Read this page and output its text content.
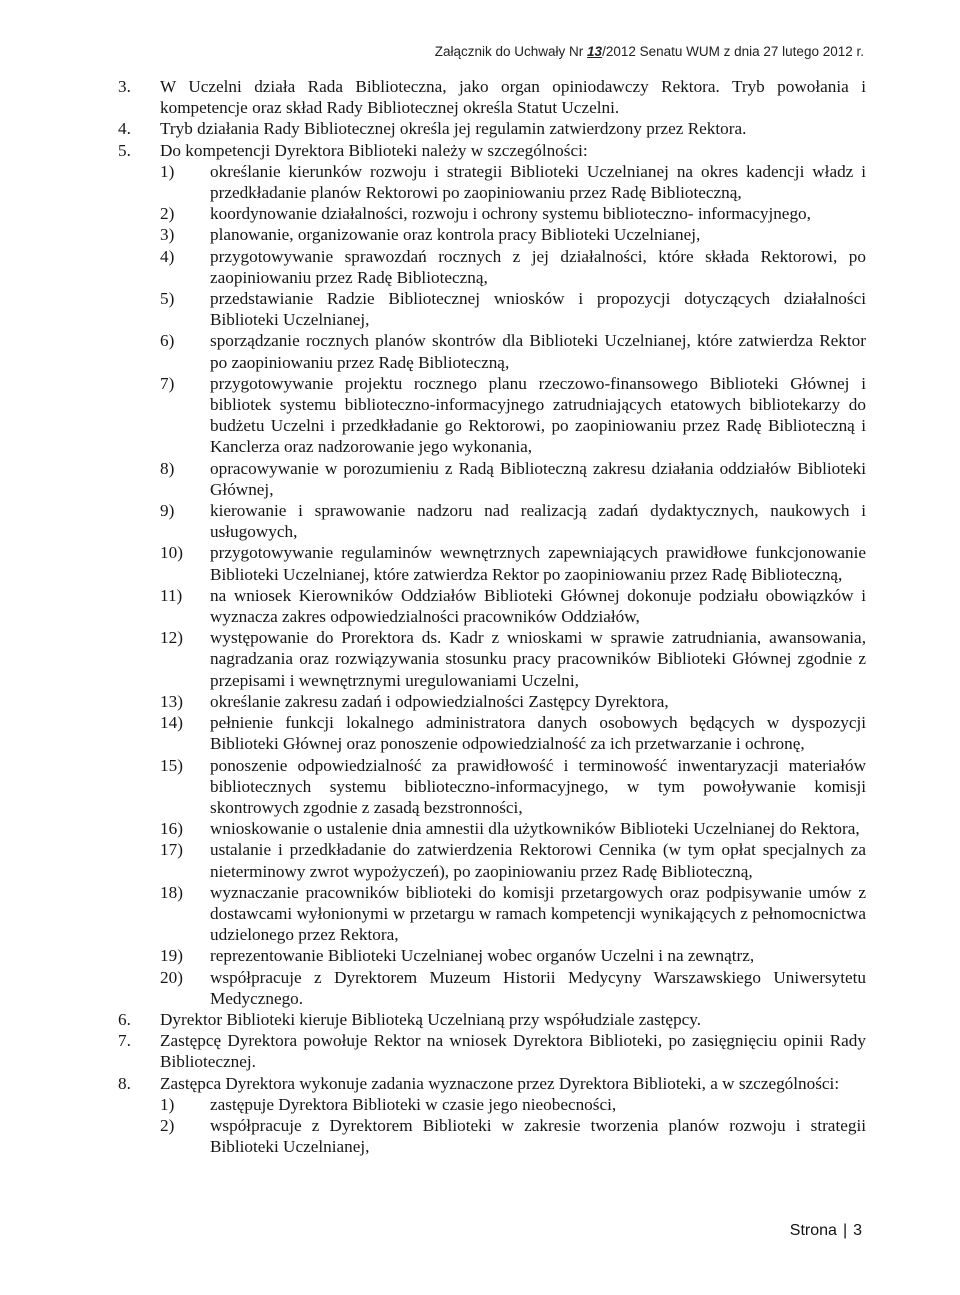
Załącznik do Uchwały Nr 13/2012 Senatu WUM z dnia 27 lutego 2012 r.
3. W Uczelni działa Rada Biblioteczna, jako organ opiniodawczy Rektora. Tryb powołania i kompetencje oraz skład Rady Bibliotecznej określa Statut Uczelni.
4. Tryb działania Rady Bibliotecznej określa jej regulamin zatwierdzony przez Rektora.
5. Do kompetencji Dyrektora Biblioteki należy w szczególności:
1) określanie kierunków rozwoju i strategii Biblioteki Uczelnianej na okres kadencji władz i przedkładanie planów Rektorowi po zaopiniowaniu przez Radę Biblioteczną,
2) koordynowanie działalności, rozwoju i ochrony systemu biblioteczno- informacyjnego,
3) planowanie, organizowanie oraz kontrola pracy Biblioteki Uczelnianej,
4) przygotowywanie sprawozdań rocznych z jej działalności, które składa Rektorowi, po zaopiniowaniu przez Radę Biblioteczną,
5) przedstawianie Radzie Bibliotecznej wniosków i propozycji dotyczących działalności Biblioteki Uczelnianej,
6) sporządzanie rocznych planów skontrów dla Biblioteki Uczelnianej, które zatwierdza Rektor po zaopiniowaniu przez Radę Biblioteczną,
7) przygotowywanie projektu rocznego planu rzeczowo-finansowego Biblioteki Głównej i bibliotek systemu biblioteczno-informacyjnego zatrudniających etatowych bibliotekarzy do budżetu Uczelni i przedkładanie go Rektorowi, po zaopiniowaniu przez Radę Biblioteczną i Kanclerza oraz nadzorowanie jego wykonania,
8) opracowywanie w porozumieniu z Radą Biblioteczną zakresu działania oddziałów Biblioteki Głównej,
9) kierowanie i sprawowanie nadzoru nad realizacją zadań dydaktycznych, naukowych i usługowych,
10) przygotowywanie regulaminów wewnętrznych zapewniających prawidłowe funkcjonowanie Biblioteki Uczelnianej, które zatwierdza Rektor po zaopiniowaniu przez Radę Biblioteczną,
11) na wniosek Kierowników Oddziałów Biblioteki Głównej dokonuje podziału obowiązków i wyznacza zakres odpowiedzialności pracowników Oddziałów,
12) występowanie do Prorektora ds. Kadr z wnioskami w sprawie zatrudniania, awansowania, nagradzania oraz rozwiązywania stosunku pracy pracowników Biblioteki Głównej zgodnie z przepisami i wewnętrznymi uregulowaniami Uczelni,
13) określanie zakresu zadań i odpowiedzialności Zastępcy Dyrektora,
14) pełnienie funkcji lokalnego administratora danych osobowych będących w dyspozycji Biblioteki Głównej oraz ponoszenie odpowiedzialność za ich przetwarzanie i ochronę,
15) ponoszenie odpowiedzialność za prawidłowość i terminowość inwentaryzacji materiałów bibliotecznych systemu biblioteczno-informacyjnego, w tym powoływanie komisji skontrowych zgodnie z zasadą bezstronności,
16) wnioskowanie o ustalenie dnia amnestii dla użytkowników Biblioteki Uczelnianej do Rektora,
17) ustalanie i przedkładanie do zatwierdzenia Rektorowi Cennika (w tym opłat specjalnych za nieterminowy zwrot wypożyczeń), po zaopiniowaniu przez Radę Biblioteczną,
18) wyznaczanie pracowników biblioteki do komisji przetargowych oraz podpisywanie umów z dostawcami wyłonionymi w przetargu w ramach kompetencji wynikających z pełnomocnictwa udzielonego przez Rektora,
19) reprezentowanie Biblioteki Uczelnianej wobec organów Uczelni i na zewnątrz,
20) współpracuje z Dyrektorem Muzeum Historii Medycyny Warszawskiego Uniwersytetu Medycznego.
6. Dyrektor Biblioteki kieruje Biblioteką Uczelnianą przy współudziale zastępcy.
7. Zastępcę Dyrektora powołuje Rektor na wniosek Dyrektora Biblioteki, po zasięgnięciu opinii Rady Bibliotecznej.
8. Zastępca Dyrektora wykonuje zadania wyznaczone przez Dyrektora Biblioteki, a w szczególności:
1) zastępuje Dyrektora Biblioteki w czasie jego nieobecności,
2) współpracuje z Dyrektorem Biblioteki w zakresie tworzenia planów rozwoju i strategii Biblioteki Uczelnianej,
Strona | 3
